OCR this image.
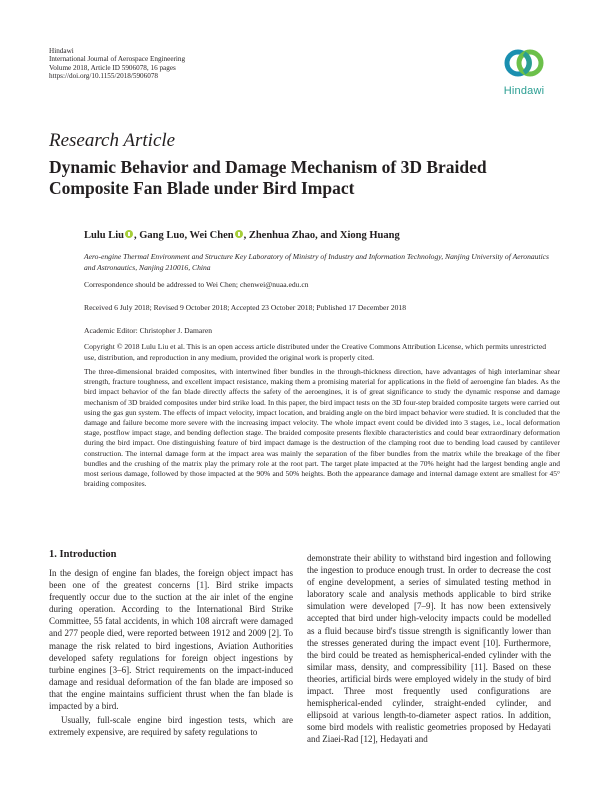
Hindawi
International Journal of Aerospace Engineering
Volume 2018, Article ID 5906078, 16 pages
https://doi.org/10.1155/2018/5906078
Hindawi
Research Article
Dynamic Behavior and Damage Mechanism of 3D Braided Composite Fan Blade under Bird Impact
Lulu Liu , Gang Luo, Wei Chen , Zhenhua Zhao, and Xiong Huang
Aero-engine Thermal Environment and Structure Key Laboratory of Ministry of Industry and Information Technology, Nanjing University of Aeronautics and Astronautics, Nanjing 210016, China
Correspondence should be addressed to Wei Chen; chenwei@nuaa.edu.cn
Received 6 July 2018; Revised 9 October 2018; Accepted 23 October 2018; Published 17 December 2018
Academic Editor: Christopher J. Damaren
Copyright © 2018 Lulu Liu et al. This is an open access article distributed under the Creative Commons Attribution License, which permits unrestricted use, distribution, and reproduction in any medium, provided the original work is properly cited.
The three-dimensional braided composites, with intertwined fiber bundles in the through-thickness direction, have advantages of high interlaminar shear strength, fracture toughness, and excellent impact resistance, making them a promising material for applications in the field of aeroengine fan blades. As the bird impact behavior of the fan blade directly affects the safety of the aeroengines, it is of great significance to study the dynamic response and damage mechanism of 3D braided composites under bird strike load. In this paper, the bird impact tests on the 3D four-step braided composite targets were carried out using the gas gun system. The effects of impact velocity, impact location, and braiding angle on the bird impact behavior were studied. It is concluded that the damage and failure become more severe with the increasing impact velocity. The whole impact event could be divided into 3 stages, i.e., local deformation stage, postflow impact stage, and bending deflection stage. The braided composite presents flexible characteristics and could bear extraordinary deformation during the bird impact. One distinguishing feature of bird impact damage is the destruction of the clamping root due to bending load caused by cantilever construction. The internal damage form at the impact area was mainly the separation of the fiber bundles from the matrix while the breakage of the fiber bundles and the crushing of the matrix play the primary role at the root part. The target plate impacted at the 70% height had the largest bending angle and most serious damage, followed by those impacted at the 90% and 50% heights. Both the appearance damage and internal damage extent are smallest for 45° braiding composites.
1. Introduction

In the design of engine fan blades, the foreign object impact has been one of the greatest concerns [1]. Bird strike impacts frequently occur due to the suction at the air inlet of the engine during operation. According to the International Bird Strike Committee, 55 fatal accidents, in which 108 aircraft were damaged and 277 people died, were reported between 1912 and 2009 [2]. To manage the risk related to bird ingestions, Aviation Authorities developed safety regulations for foreign object ingestions by turbine engines [3–6]. Strict requirements on the impact-induced damage and residual deformation of the fan blade are imposed so that the engine maintains sufficient thrust when the fan blade is impacted by a bird.

Usually, full-scale engine bird ingestion tests, which are extremely expensive, are required by safety regulations to

demonstrate their ability to withstand bird ingestion and following the ingestion to produce enough trust. In order to decrease the cost of engine development, a series of simulated testing method in laboratory scale and analysis methods applicable to bird strike simulation were developed [7–9]. It has now been extensively accepted that bird under high-velocity impacts could be modelled as a fluid because bird's tissue strength is significantly lower than the stresses generated during the impact event [10]. Furthermore, the bird could be treated as hemispherical-ended cylinder with the similar mass, density, and compressibility [11]. Based on these theories, artificial birds were employed widely in the study of bird impact. Three most frequently used configurations are hemispherical-ended cylinder, straight-ended cylinder, and ellipsoid at various length-to-diameter aspect ratios. In addition, some bird models with realistic geometries proposed by Hedayati and Ziaei-Rad [12], Hedayati and
